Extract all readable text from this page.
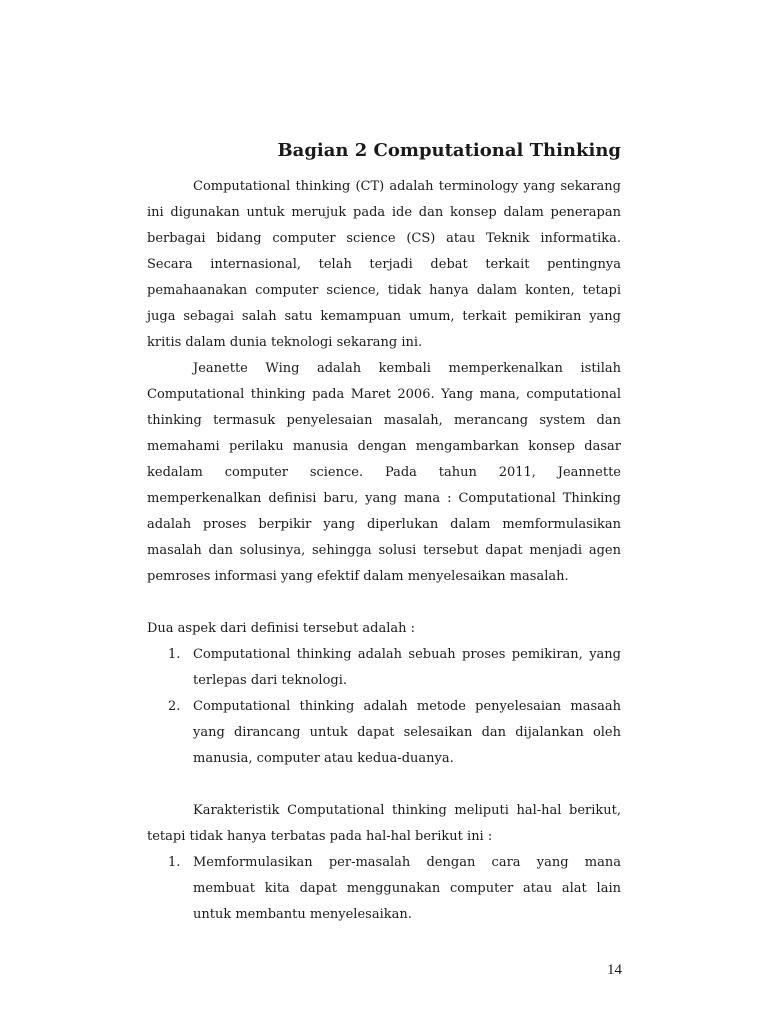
Bagian 2 Computational Thinking

Computational thinking (CT) adalah terminology yang sekarang ini digunakan untuk merujuk pada ide dan konsep dalam penerapan berbagai bidang computer science (CS) atau Teknik informatika. Secara internasional, telah terjadi debat terkait pentingnya pemahaanakan computer science, tidak hanya dalam konten, tetapi juga sebagai salah satu kemampuan umum, terkait pemikiran yang kritis dalam dunia teknologi sekarang ini.

Jeanette Wing adalah kembali memperkenalkan istilah Computational thinking pada Maret 2006. Yang mana, computational thinking termasuk penyelesaian masalah, merancang system dan memahami perilaku manusia dengan mengambarkan konsep dasar kedalam computer science. Pada tahun 2011, Jeannette memperkenalkan definisi baru, yang mana : Computational Thinking adalah proses berpikir yang diperlukan dalam memformulasikan masalah dan solusinya, sehingga solusi tersebut dapat menjadi agen pemroses informasi yang efektif dalam menyelesaikan masalah.

Dua aspek dari definisi tersebut adalah :

1. Computational thinking adalah sebuah proses pemikiran, yang terlepas dari teknologi.
2. Computational thinking adalah metode penyelesaian masaah yang dirancang untuk dapat selesaikan dan dijalankan oleh manusia, computer atau kedua-duanya.

Karakteristik Computational thinking meliputi hal-hal berikut, tetapi tidak hanya terbatas pada hal-hal berikut ini :

1. Memformulasikan per-masalah dengan cara yang mana membuat kita dapat menggunakan computer atau alat lain untuk membantu menyelesaikan.
14
